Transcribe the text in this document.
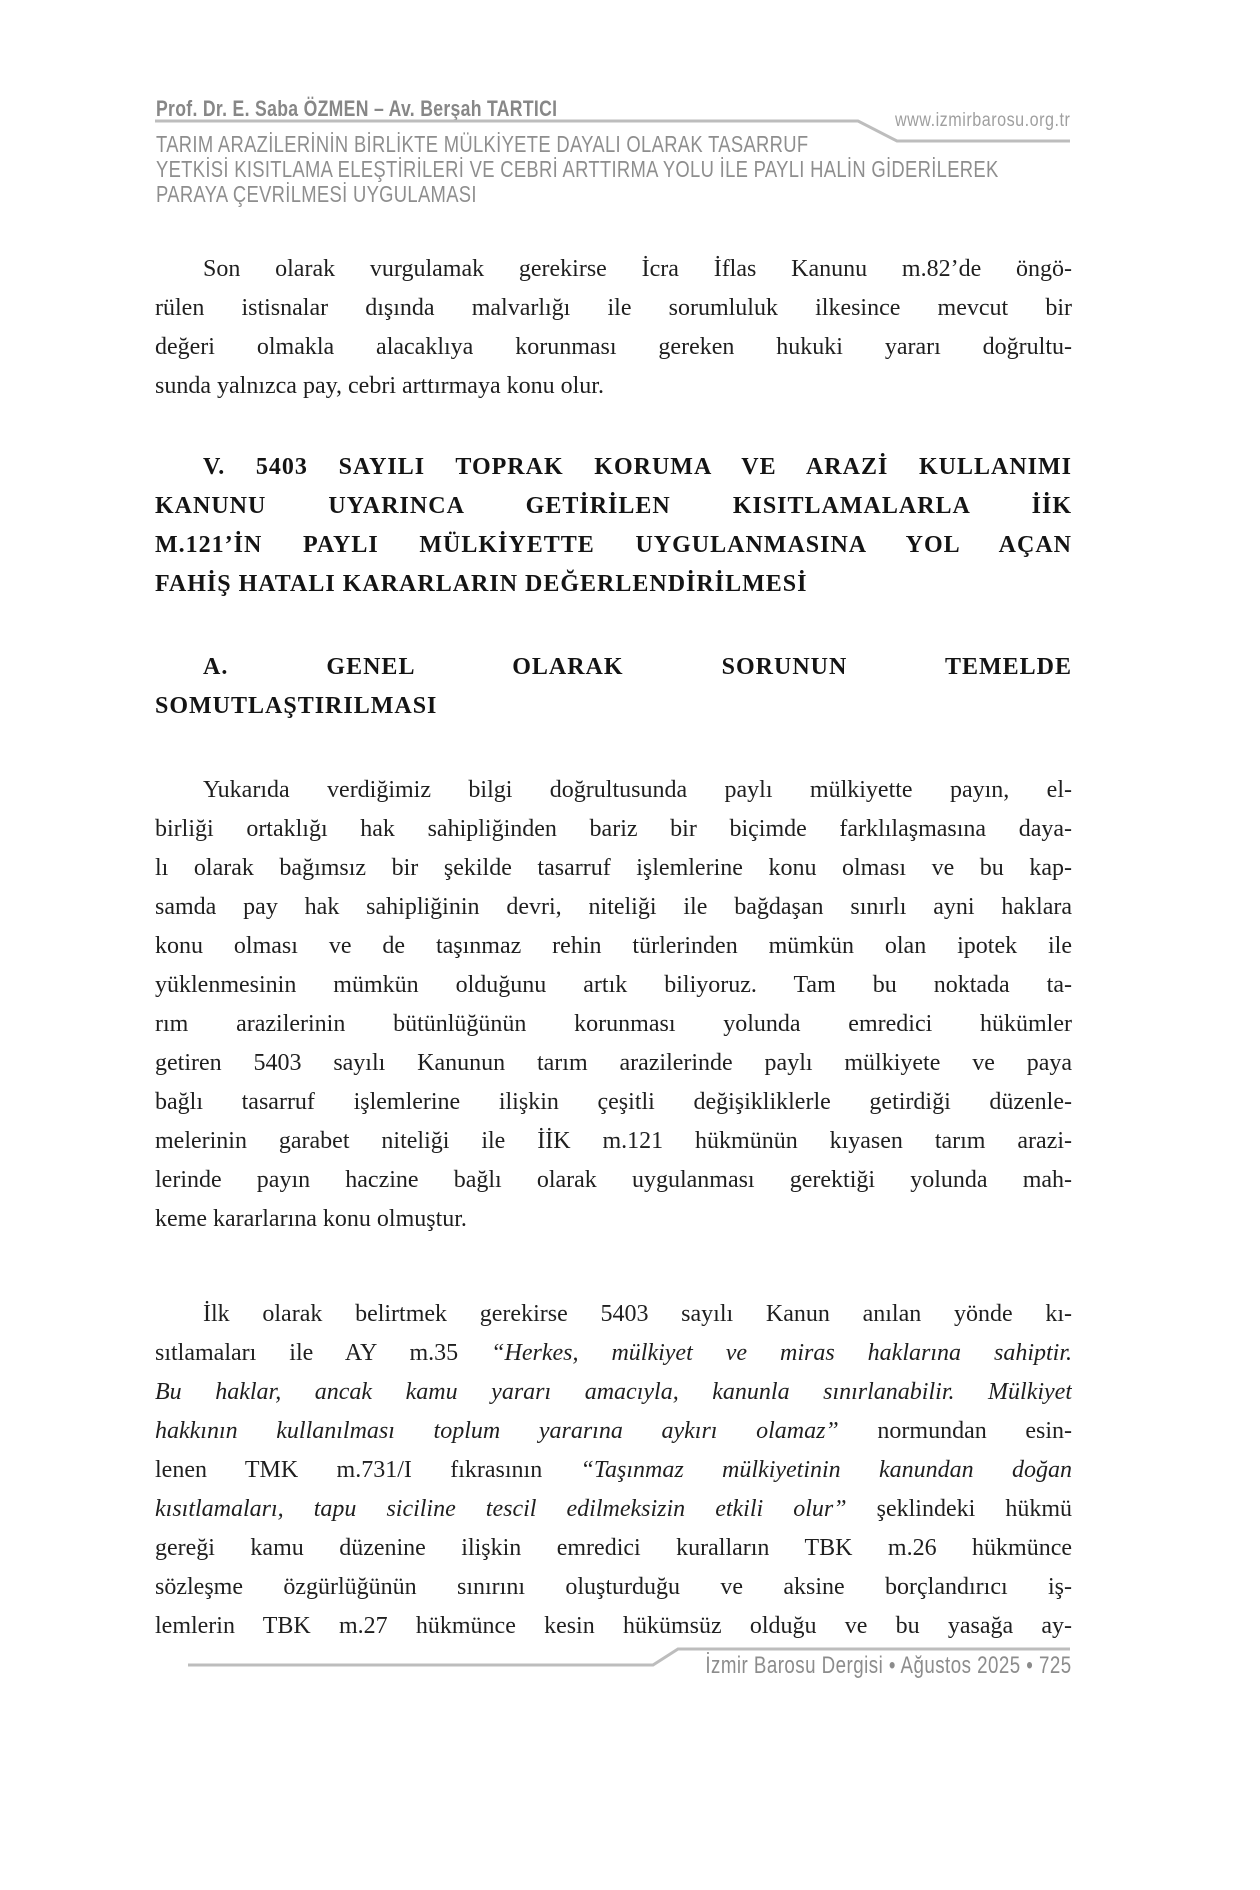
Prof. Dr. E. Saba ÖZMEN – Av. Berşah TARTICI	www.izmirbarosu.org.tr
TARIM ARAZİLERİNİN BİRLİKTE MÜLKİYETE DAYALI OLARAK TASARRUF
YETKİSİ KISITLAMA ELEŞTİRİLERİ VE CEBRİ ARTTIRMA YOLU İLE PAYLI HALİN GİDERİLEREK
PARAYA ÇEVRİLMESİ UYGULAMASI
Son olarak vurgulamak gerekirse İcra İflas Kanunu m.82’de öngö-
rülen istisnalar dışında malvarlığı ile sorumluluk ilkesince mevcut bir
değeri olmakla alacaklıya korunması gereken hukuki yararı doğrultu-
sunda yalnızca pay, cebri arttırmaya konu olur.
V. 5403 SAYILI TOPRAK KORUMA VE ARAZİ KULLANIMI
KANUNU UYARINCA GETİRİLEN KISITLAMALARLA İİK
M.121’İN PAYLI MÜLKİYETTE UYGULANMASINA YOL AÇAN
FAHİŞ HATALI KARARLARIN DEĞERLENDİRİLMESİ
A. GENEL OLARAK SORUNUN TEMELDE
SOMUTLAŞTIRILMASI
Yukarıda verdiğimiz bilgi doğrultusunda paylı mülkiyette payın, el-
birliği ortaklığı hak sahipliğinden bariz bir biçimde farklılaşmasına daya-
lı olarak bağımsız bir şekilde tasarruf işlemlerine konu olması ve bu kap-
samda pay hak sahipliğinin devri, niteliği ile bağdaşan sınırlı ayni haklara
konu olması ve de taşınmaz rehin türlerinden mümkün olan ipotek ile
yüklenmesinin mümkün olduğunu artık biliyoruz. Tam bu noktada ta-
rım arazilerinin bütünlüğünün korunması yolunda emredici hükümler
getiren 5403 sayılı Kanunun tarım arazilerinde paylı mülkiyete ve paya
bağlı tasarruf işlemlerine ilişkin çeşitli değişikliklerle getirdiği düzenle-
melerinin garabet niteliği ile İİK m.121 hükmünün kıyasen tarım arazi-
lerinde payın haczine bağlı olarak uygulanması gerektiği yolunda mah-
keme kararlarına konu olmuştur.
İlk olarak belirtmek gerekirse 5403 sayılı Kanun anılan yönde kı-
sıtlamaları ile AY m.35 “Herkes, mülkiyet ve miras haklarına sahiptir.
Bu haklar, ancak kamu yararı amacıyla, kanunla sınırlanabilir. Mülkiyet
hakkının kullanılması toplum yararına aykırı olamaz” normundan esin-
lenen TMK m.731/I fıkrasının “Taşınmaz mülkiyetinin kanundan doğan
kısıtlamaları, tapu siciline tescil edilmeksizin etkili olur” şeklindeki hükmü
gereği kamu düzenine ilişkin emredici kuralların TBK m.26 hükmünce
sözleşme özgürlüğünün sınırını oluşturduğu ve aksine borçlandırıcı iş-
lemlerin TBK m.27 hükmünce kesin hükümsüz olduğu ve bu yasağa ay-
İzmir Barosu Dergisi • Ağustos 2025 • 725
